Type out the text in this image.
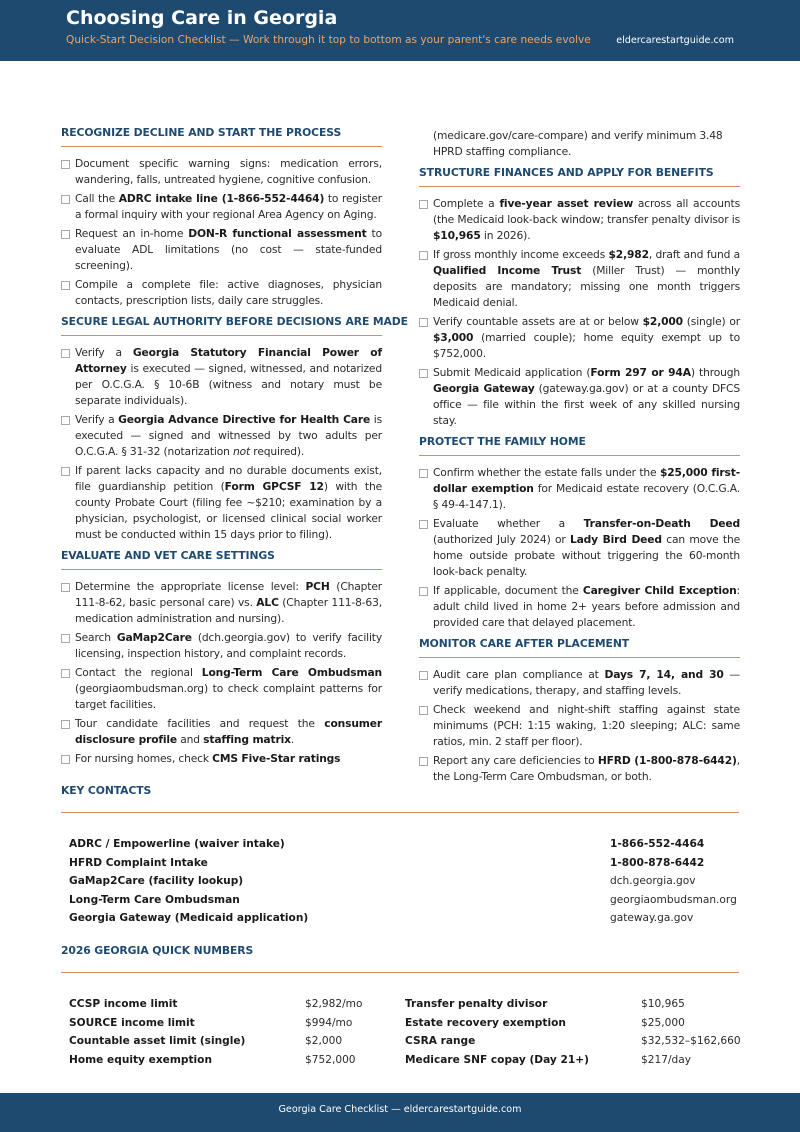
Choosing Care in Georgia
Quick-Start Decision Checklist — Work through it top to bottom as your parent's care needs evolve	eldercarestartguide.com
RECOGNIZE DECLINE AND START THE PROCESS
Document specific warning signs: medication errors, wandering, falls, untreated hygiene, cognitive confusion.
Call the ADRC intake line (1-866-552-4464) to register a formal inquiry with your regional Area Agency on Aging.
Request an in-home DON-R functional assessment to evaluate ADL limitations (no cost — state-funded screening).
Compile a complete file: active diagnoses, physician contacts, prescription lists, daily care struggles.
SECURE LEGAL AUTHORITY BEFORE DECISIONS ARE MADE
Verify a Georgia Statutory Financial Power of Attorney is executed — signed, witnessed, and notarized per O.C.G.A. § 10-6B (witness and notary must be separate individuals).
Verify a Georgia Advance Directive for Health Care is executed — signed and witnessed by two adults per O.C.G.A. § 31-32 (notarization not required).
If parent lacks capacity and no durable documents exist, file guardianship petition (Form GPCSF 12) with the county Probate Court (filing fee ~$210; examination by a physician, psychologist, or licensed clinical social worker must be conducted within 15 days prior to filing).
EVALUATE AND VET CARE SETTINGS
Determine the appropriate license level: PCH (Chapter 111-8-62, basic personal care) vs. ALC (Chapter 111-8-63, medication administration and nursing).
Search GaMap2Care (dch.georgia.gov) to verify facility licensing, inspection history, and complaint records.
Contact the regional Long-Term Care Ombudsman (georgiaombudsman.org) to check complaint patterns for target facilities.
Tour candidate facilities and request the consumer disclosure profile and staffing matrix.
For nursing homes, check CMS Five-Star ratings
(medicare.gov/care-compare) and verify minimum 3.48 HPRD staffing compliance.
STRUCTURE FINANCES AND APPLY FOR BENEFITS
Complete a five-year asset review across all accounts (the Medicaid look-back window; transfer penalty divisor is $10,965 in 2026).
If gross monthly income exceeds $2,982, draft and fund a Qualified Income Trust (Miller Trust) — monthly deposits are mandatory; missing one month triggers Medicaid denial.
Verify countable assets are at or below $2,000 (single) or $3,000 (married couple); home equity exempt up to $752,000.
Submit Medicaid application (Form 297 or 94A) through Georgia Gateway (gateway.ga.gov) or at a county DFCS office — file within the first week of any skilled nursing stay.
PROTECT THE FAMILY HOME
Confirm whether the estate falls under the $25,000 first-dollar exemption for Medicaid estate recovery (O.C.G.A. § 49-4-147.1).
Evaluate whether a Transfer-on-Death Deed (authorized July 2024) or Lady Bird Deed can move the home outside probate without triggering the 60-month look-back penalty.
If applicable, document the Caregiver Child Exception: adult child lived in home 2+ years before admission and provided care that delayed placement.
MONITOR CARE AFTER PLACEMENT
Audit care plan compliance at Days 7, 14, and 30 — verify medications, therapy, and staffing levels.
Check weekend and night-shift staffing against state minimums (PCH: 1:15 waking, 1:20 sleeping; ALC: same ratios, min. 2 staff per floor).
Report any care deficiencies to HFRD (1-800-878-6442), the Long-Term Care Ombudsman, or both.
KEY CONTACTS
ADRC / Empowerline (waiver intake)	1-866-552-4464
HFRD Complaint Intake	1-800-878-6442
GaMap2Care (facility lookup)	dch.georgia.gov
Long-Term Care Ombudsman	georgiaombudsman.org
Georgia Gateway (Medicaid application)	gateway.ga.gov
2026 GEORGIA QUICK NUMBERS
CCSP income limit	$2,982/mo	Transfer penalty divisor	$10,965
SOURCE income limit	$994/mo	Estate recovery exemption	$25,000
Countable asset limit (single)	$2,000	CSRA range	$32,532–$162,660
Home equity exemption	$752,000	Medicare SNF copay (Day 21+)	$217/day
Georgia Care Checklist — eldercarestartguide.com
